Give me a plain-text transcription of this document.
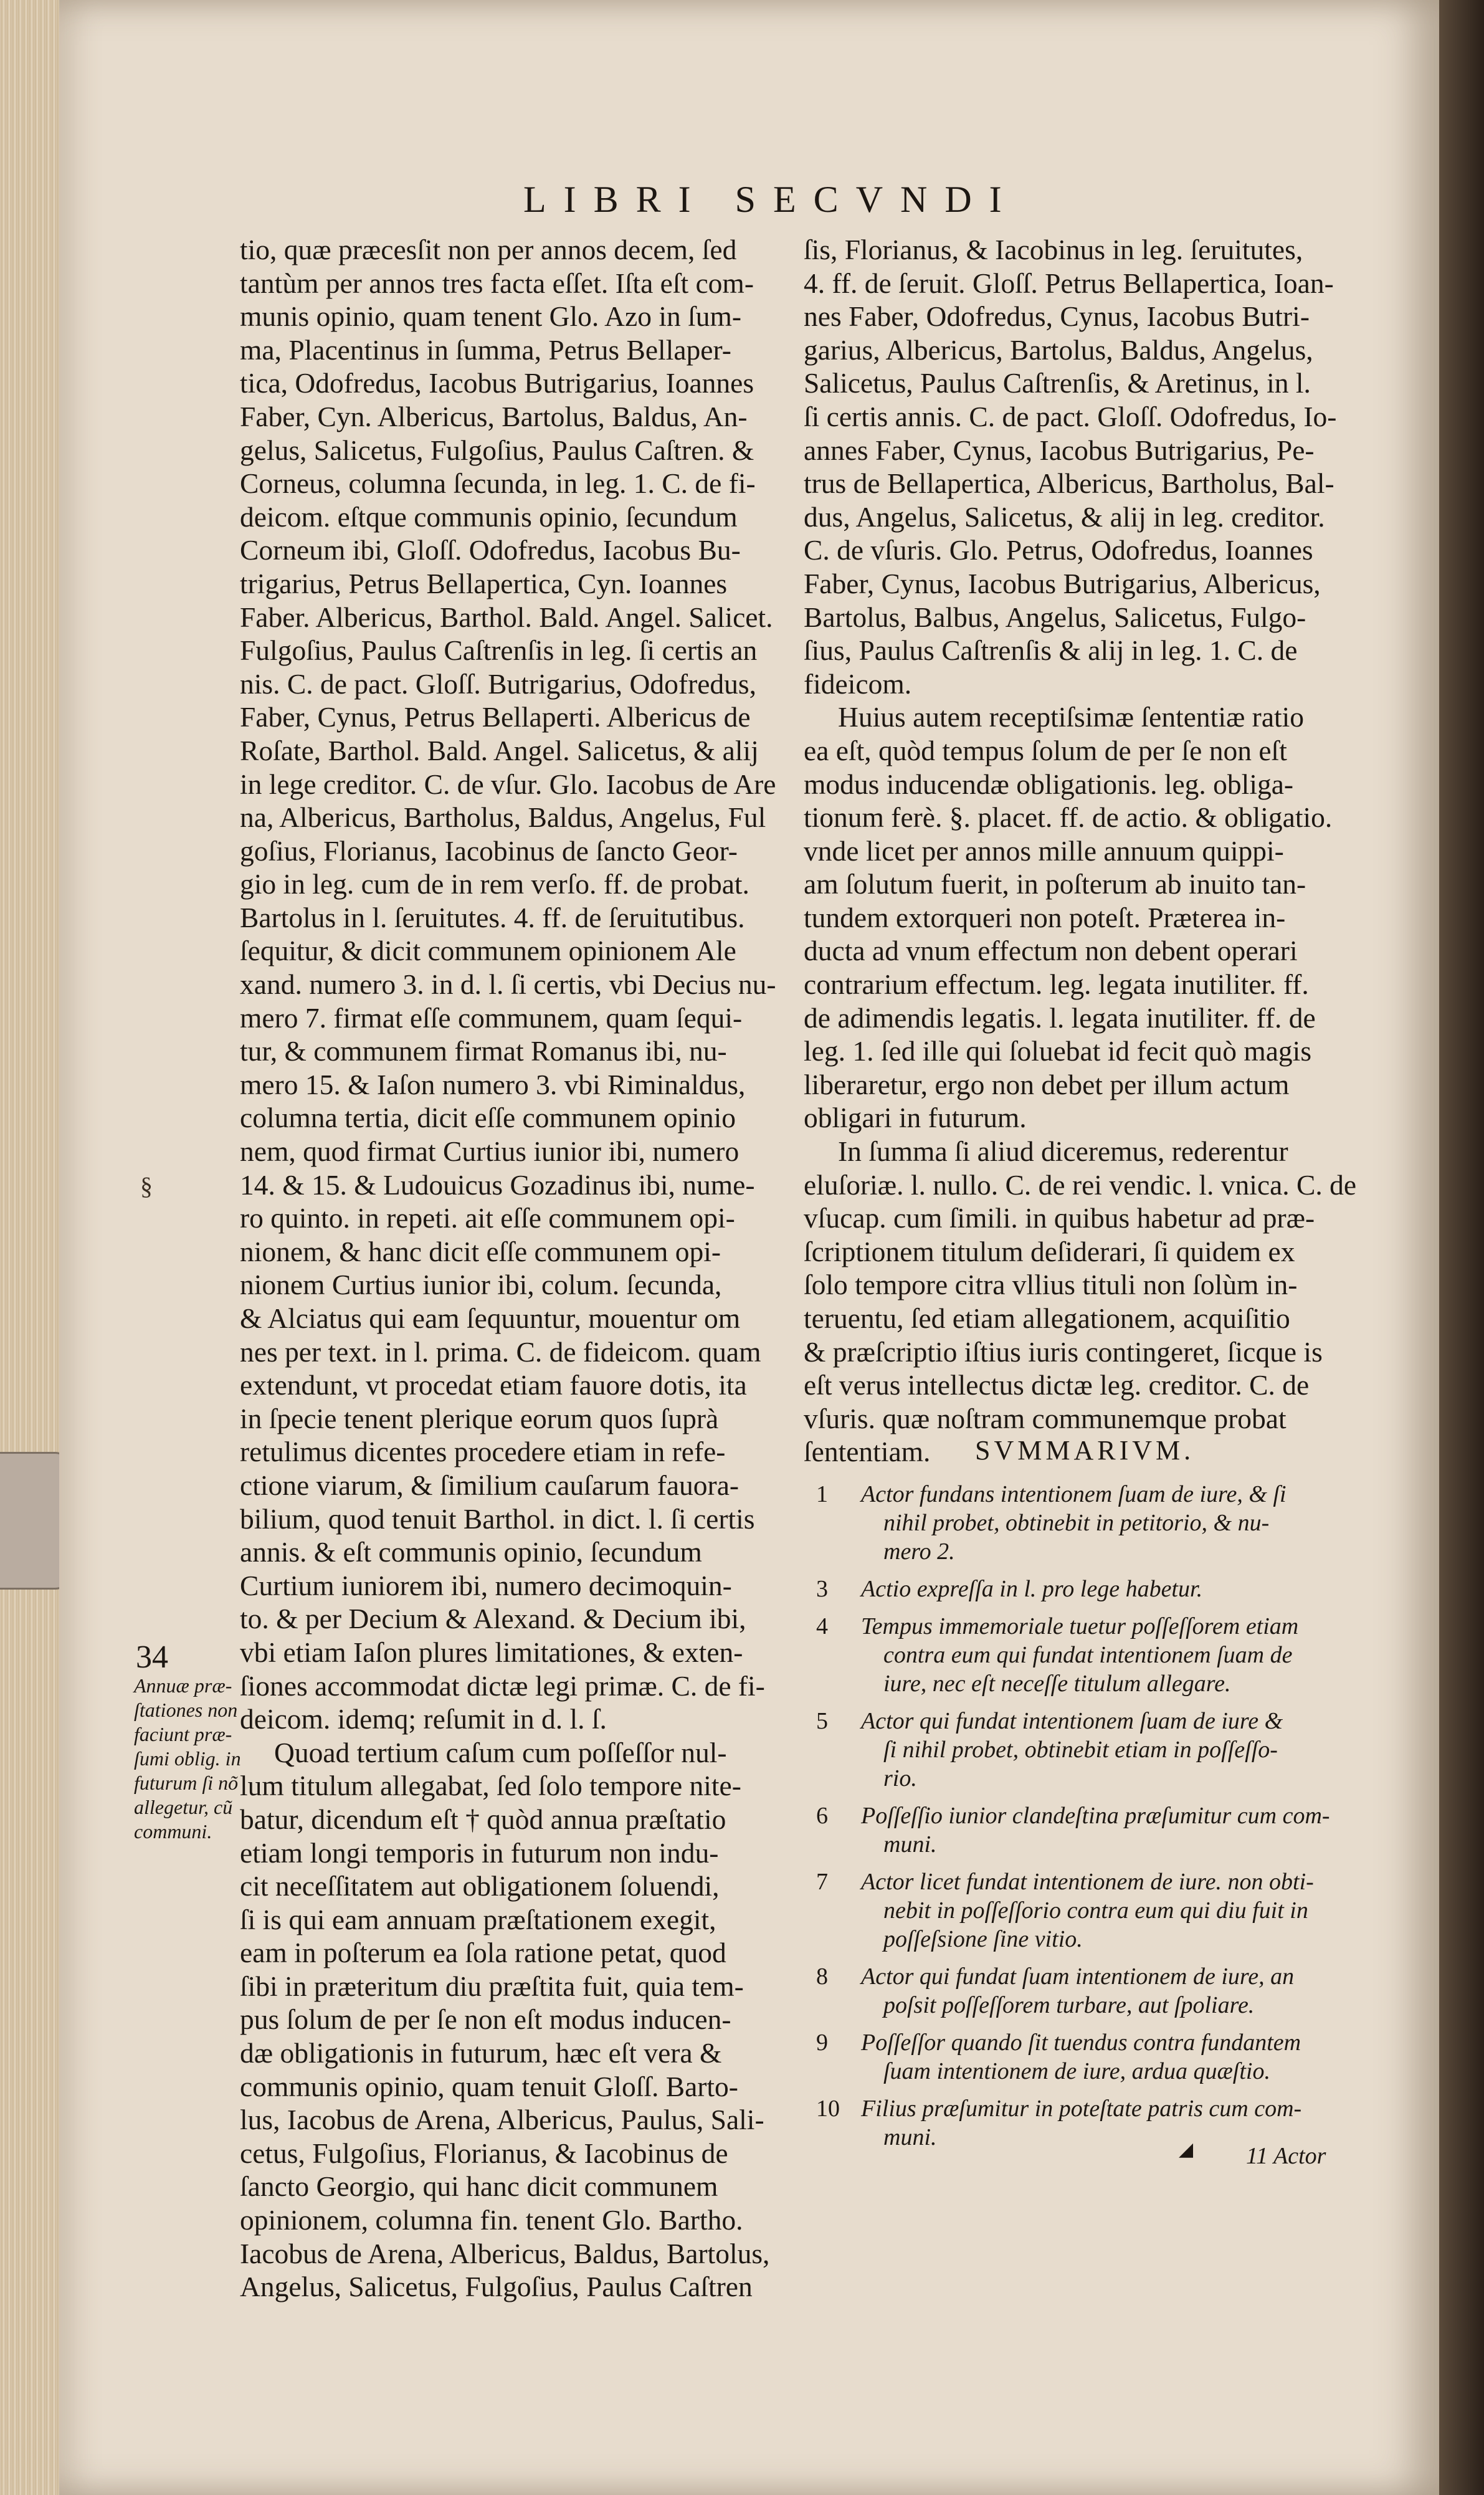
LIBRI SECVNDI
tio, quæ præcesſit non per annos decem, ſed
tantùm per annos tres facta eſſet. Iſta eſt com-
munis opinio, quam tenent Glo. Azo in ſum-
ma, Placentinus in ſumma, Petrus Bellaper-
tica, Odofredus, Iacobus Butrigarius, Ioannes
Faber, Cyn. Albericus, Bartolus, Baldus, An-
gelus, Salicetus, Fulgoſius, Paulus Caſtren. &
Corneus, columna ſecunda, in leg. 1. C. de fi-
deicom. eſtque communis opinio, ſecundum
Corneum ibi, Gloſſ. Odofredus, Iacobus Bu-
trigarius, Petrus Bellapertica, Cyn. Ioannes
Faber. Albericus, Barthol. Bald. Angel. Salicet.
Fulgoſius, Paulus Caſtrenſis in leg. ſi certis an
nis. C. de pact. Gloſſ. Butrigarius, Odofredus,
Faber, Cynus, Petrus Bellaperti. Albericus de
Roſate, Barthol. Bald. Angel. Salicetus, & alij
in lege creditor. C. de vſur. Glo. Iacobus de Are
na, Albericus, Bartholus, Baldus, Angelus, Ful
goſius, Florianus, Iacobinus de ſancto Geor-
gio in leg. cum de in rem verſo. ff. de probat.
Bartolus in l. ſeruitutes. 4. ff. de ſeruitutibus.
ſequitur, & dicit communem opinionem Ale
xand. numero 3. in d. l. ſi certis, vbi Decius nu-
mero 7. firmat eſſe communem, quam ſequi-
tur, & communem firmat Romanus ibi, nu-
mero 15. & Iaſon numero 3. vbi Riminaldus,
columna tertia, dicit eſſe communem opinio
nem, quod firmat Curtius iunior ibi, numero
14. & 15. & Ludouicus Gozadinus ibi, nume-
ro quinto. in repeti. ait eſſe communem opi-
nionem, & hanc dicit eſſe communem opi-
nionem Curtius iunior ibi, colum. ſecunda,
& Alciatus qui eam ſequuntur, mouentur om
nes per text. in l. prima. C. de fideicom. quam
extendunt, vt procedat etiam fauore dotis, ita
in ſpecie tenent plerique eorum quos ſuprà
retulimus dicentes procedere etiam in refe-
ctione viarum, & ſimilium cauſarum fauora-
bilium, quod tenuit Barthol. in dict. l. ſi certis
annis. & eſt communis opinio, ſecundum
Curtium iuniorem ibi, numero decimoquin-
to. & per Decium & Alexand. & Decium ibi,
vbi etiam Iaſon plures limitationes, & exten-
ſiones accommodat dictæ legi primæ. C. de fi-
deicom. idemq; reſumit in d. l. ſ.
Quoad tertium caſum cum poſſeſſor nul-
lum titulum allegabat, ſed ſolo tempore nite-
batur, dicendum eſt † quòd annua præſtatio
etiam longi temporis in futurum non indu-
cit neceſſitatem aut obligationem ſoluendi,
ſi is qui eam annuam præſtationem exegit,
eam in poſterum ea ſola ratione petat, quod
ſibi in præteritum diu præſtita fuit, quia tem-
pus ſolum de per ſe non eſt modus inducen-
dæ obligationis in futurum, hæc eſt vera &
communis opinio, quam tenuit Gloſſ. Barto-
lus, Iacobus de Arena, Albericus, Paulus, Sali-
cetus, Fulgoſius, Florianus, & Iacobinus de
ſancto Georgio, qui hanc dicit communem
opinionem, columna fin. tenent Glo. Bartho.
Iacobus de Arena, Albericus, Baldus, Bartolus,
Angelus, Salicetus, Fulgoſius, Paulus Caſtren
ſis, Florianus, & Iacobinus in leg. ſeruitutes,
4. ff. de ſeruit. Gloſſ. Petrus Bellapertica, Ioan-
nes Faber, Odofredus, Cynus, Iacobus Butri-
garius, Albericus, Bartolus, Baldus, Angelus,
Salicetus, Paulus Caſtrenſis, & Aretinus, in l.
ſi certis annis. C. de pact. Gloſſ. Odofredus, Io-
annes Faber, Cynus, Iacobus Butrigarius, Pe-
trus de Bellapertica, Albericus, Bartholus, Bal-
dus, Angelus, Salicetus, & alij in leg. creditor.
C. de vſuris. Glo. Petrus, Odofredus, Ioannes
Faber, Cynus, Iacobus Butrigarius, Albericus,
Bartolus, Balbus, Angelus, Salicetus, Fulgo-
ſius, Paulus Caſtrenſis & alij in leg. 1. C. de
fideicom.
Huius autem receptiſsimæ ſententiæ ratio
ea eſt, quòd tempus ſolum de per ſe non eſt
modus inducendæ obligationis. leg. obliga-
tionum ferè. §. placet. ff. de actio. & obligatio.
vnde licet per annos mille annuum quippi-
am ſolutum fuerit, in poſterum ab inuito tan-
tundem extorqueri non poteſt. Præterea in-
ducta ad vnum effectum non debent operari
contrarium effectum. leg. legata inutiliter. ff.
de adimendis legatis. l. legata inutiliter. ff. de
leg. 1. ſed ille qui ſoluebat id fecit quò magis
liberaretur, ergo non debet per illum actum
obligari in futurum.
In ſumma ſi aliud diceremus, rederentur
eluſoriæ. l. nullo. C. de rei vendic. l. vnica. C. de
vſucap. cum ſimili. in quibus habetur ad præ-
ſcriptionem titulum deſiderari, ſi quidem ex
ſolo tempore citra vllius tituli non ſolùm in-
teruentu, ſed etiam allegationem, acquiſitio
& præſcriptio iſtius iuris contingeret, ſicque is
eſt verus intellectus dictæ leg. creditor. C. de
vſuris. quæ noſtram communemque probat
ſententiam.
34
Annuæ præ-
ſtationes non
faciunt præ-
ſumi oblig. in
futurum ſi nõ
allegetur, cũ
communi.
§
SVMMARIVM.
1 Actor fundans intentionem ſuam de iure, & ſi
nihil probet, obtinebit in petitorio, & nu-
mero 2.
3 Actio expreſſa in l. pro lege habetur.
4 Tempus immemoriale tuetur poſſeſſorem etiam
contra eum qui fundat intentionem ſuam de
iure, nec eſt neceſſe titulum allegare.
5 Actor qui fundat intentionem ſuam de iure &
ſi nihil probet, obtinebit etiam in poſſeſſo-
rio.
6 Poſſeſſio iunior clandeſtina præſumitur cum com-
muni.
7 Actor licet fundat intentionem de iure. non obti-
nebit in poſſeſſorio contra eum qui diu fuit in
poſſeſsione ſine vitio.
8 Actor qui fundat ſuam intentionem de iure, an
poſsit poſſeſſorem turbare, aut ſpoliare.
9 Poſſeſſor quando ſit tuendus contra fundantem
ſuam intentionem de iure, ardua quæſtio.
10 Filius præſumitur in poteſtate patris cum com-
muni.	◢ 11 Actor
